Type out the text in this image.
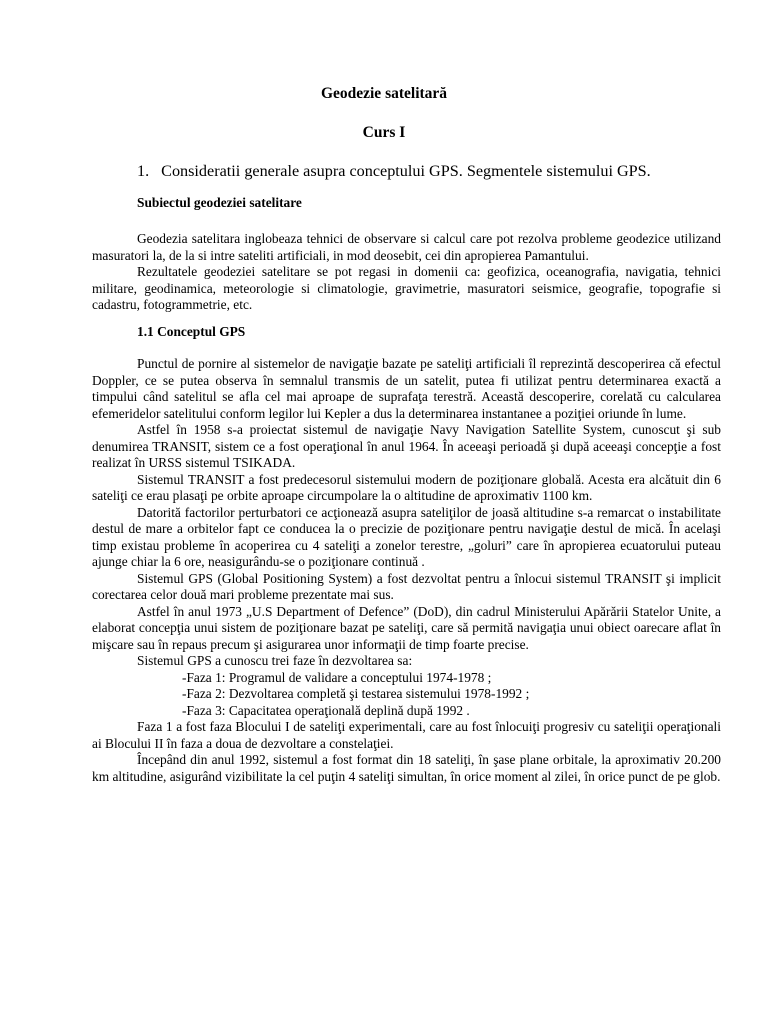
Geodezie satelitară
Curs I
1. Consideratii generale asupra conceptului GPS. Segmentele sistemului GPS.
Subiectul geodeziei satelitare

Geodezia satelitara inglobeaza tehnici de observare si calcul care pot rezolva probleme geodezice utilizand masuratori la, de la si intre sateliti artificiali, in mod deosebit, cei din apropierea Pamantului.

Rezultatele geodeziei satelitare se pot regasi in domenii ca: geofizica, oceanografia, navigatia, tehnici militare, geodinamica, meteorologie si climatologie, gravimetrie, masuratori seismice, geografie, topografie si cadastru, fotogrammetrie, etc.

1.1 Conceptul GPS

Punctul de pornire al sistemelor de navigaţie bazate pe sateliţi artificiali îl reprezintă descoperirea că efectul Doppler, ce se putea observa în semnalul transmis de un satelit, putea fi utilizat pentru determinarea exactă a timpului când satelitul se afla cel mai aproape de suprafaţa terestră. Această descoperire, corelată cu calcularea efemeridelor satelitului conform legilor lui Kepler a dus la determinarea instantanee a poziţiei oriunde în lume.

Astfel în 1958 s-a proiectat sistemul de navigaţie Navy Navigation Satellite System, cunoscut şi sub denumirea TRANSIT, sistem ce a fost operaţional în anul 1964. În aceeaşi perioadă şi după aceeaşi concepţie a fost realizat în URSS sistemul TSIKADA.

Sistemul TRANSIT a fost predecesorul sistemului modern de poziţionare globală. Acesta era alcătuit din 6 sateliţi ce erau plasaţi pe orbite aproape circumpolare la o altitudine de aproximativ 1100 km.

Datorită factorilor perturbatori ce acţionează asupra sateliţilor de joasă altitudine s-a remarcat o instabilitate destul de mare a orbitelor fapt ce conducea la o precizie de poziţionare pentru navigaţie destul de mică. În acelaşi timp existau probleme în acoperirea cu 4 sateliţi a zonelor terestre, „goluri” care în apropierea ecuatorului puteau ajunge chiar la 6 ore, neasigurându-se o poziţionare continuă .

Sistemul GPS (Global Positioning System) a fost dezvoltat pentru a înlocui sistemul TRANSIT şi implicit corectarea celor două mari probleme prezentate mai sus.

Astfel în anul 1973 „U.S Department of Defence” (DoD), din cadrul Ministerului Apărării Statelor Unite, a elaborat concepţia unui sistem de poziţionare bazat pe sateliţi, care să permită navigaţia unui obiect oarecare aflat în mişcare sau în repaus precum şi asigurarea unor informaţii de timp foarte precise.

Sistemul GPS a cunoscu trei faze în dezvoltarea sa:

-Faza 1: Programul de validare a conceptului 1974-1978 ;

-Faza 2: Dezvoltarea completă şi testarea sistemului 1978-1992 ;

-Faza 3: Capacitatea operaţională deplină după 1992 .

Faza 1 a fost faza Blocului I de sateliţi experimentali, care au fost înlocuiţi progresiv cu sateliţii operaţionali ai Blocului II în faza a doua de dezvoltare a constelaţiei.

Începând din anul 1992, sistemul a fost format din 18 sateliţi, în şase plane orbitale, la aproximativ 20.200 km altitudine, asigurând vizibilitate la cel puţin 4 sateliţi simultan, în orice moment al zilei, în orice punct de pe glob.
